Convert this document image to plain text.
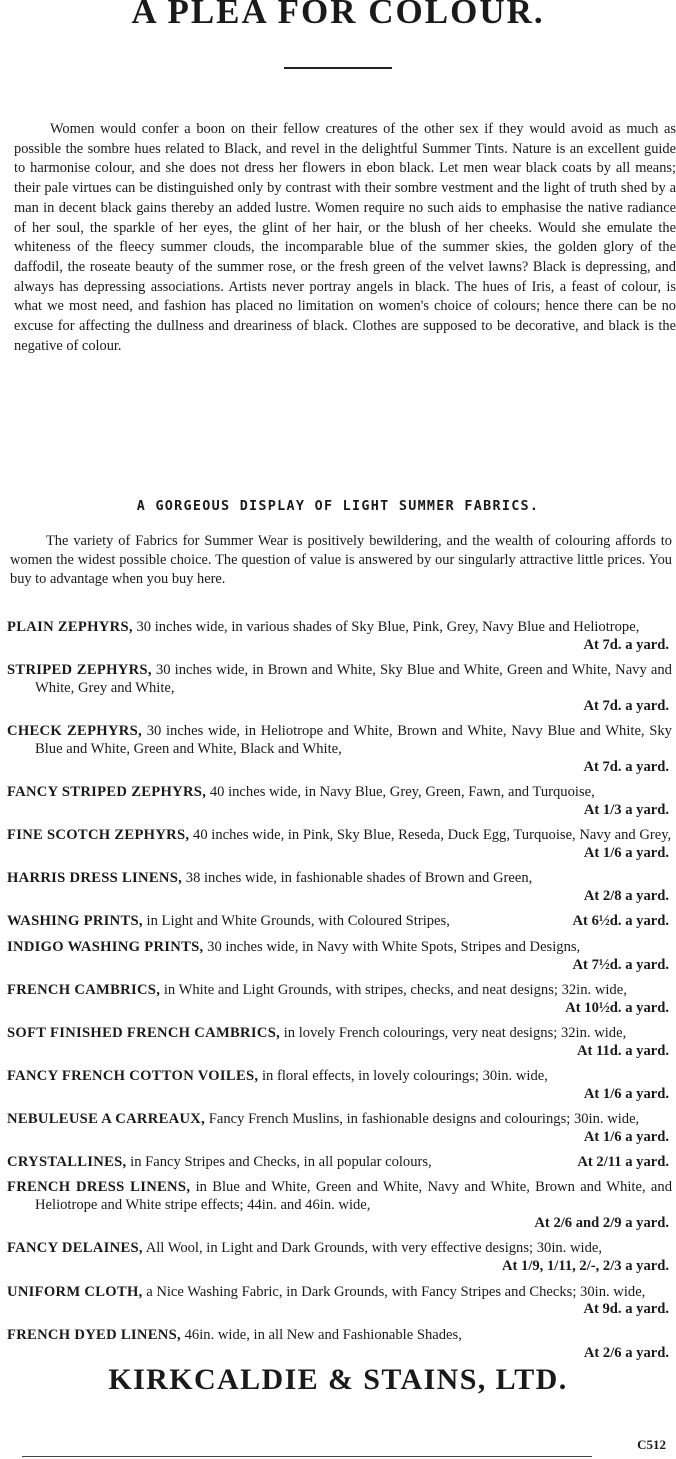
A PLEA FOR COLOUR.

Women would confer a boon on their fellow creatures of the other sex if they would avoid as much as possible the sombre hues related to Black, and revel in the delightful Summer Tints. Nature is an excellent guide to harmonise colour, and she does not dress her flowers in ebon black. Let men wear black coats by all means; their pale virtues can be distinguished only by contrast with their sombre vestment and the light of truth shed by a man in decent black gains thereby an added lustre. Women require no such aids to emphasise the native radiance of her soul, the sparkle of her eyes, the glint of her hair, or the blush of her cheeks. Would she emulate the whiteness of the fleecy summer clouds, the incomparable blue of the summer skies, the golden glory of the daffodil, the roseate beauty of the summer rose, or the fresh green of the velvet lawns? Black is depressing, and always has depressing associations. Artists never portray angels in black. The hues of Iris, a feast of colour, is what we most need, and fashion has placed no limitation on women's choice of colours; hence there can be no excuse for affecting the dullness and dreariness of black. Clothes are supposed to be decorative, and black is the negative of colour.

A GORGEOUS DISPLAY OF LIGHT SUMMER FABRICS.

The variety of Fabrics for Summer Wear is positively bewildering, and the wealth of colouring affords to women the widest possible choice. The question of value is answered by our singularly attractive little prices. You buy to advantage when you buy here.

PLAIN ZEPHYRS, 30 inches wide, in various shades of Sky Blue, Pink, Grey, Navy Blue and Heliotrope,
At 7d. a yard.
STRIPED ZEPHYRS, 30 inches wide, in Brown and White, Sky Blue and White, Green and White, Navy and White, Grey and White,
At 7d. a yard.
CHECK ZEPHYRS, 30 inches wide, in Heliotrope and White, Brown and White, Navy Blue and White, Sky Blue and White, Green and White, Black and White,
At 7d. a yard.
FANCY STRIPED ZEPHYRS, 40 inches wide, in Navy Blue, Grey, Green, Fawn, and Turquoise,
At 1/3 a yard.
FINE SCOTCH ZEPHYRS, 40 inches wide, in Pink, Sky Blue, Reseda, Duck Egg, Turquoise, Navy and Grey,
At 1/6 a yard.
HARRIS DRESS LINENS, 38 inches wide, in fashionable shades of Brown and Green,
At 2/8 a yard.
WASHING PRINTS, in Light and White Grounds, with Coloured Stripes,	At 6½d. a yard.
INDIGO WASHING PRINTS, 30 inches wide, in Navy with White Spots, Stripes and Designs,
At 7½d. a yard.
FRENCH CAMBRICS, in White and Light Grounds, with stripes, checks, and neat designs; 32in. wide,
At 10½d. a yard.
SOFT FINISHED FRENCH CAMBRICS, in lovely French colourings, very neat designs; 32in. wide,
At 11d. a yard.
FANCY FRENCH COTTON VOILES, in floral effects, in lovely colourings; 30in. wide,
At 1/6 a yard.
NEBULEUSE A CARREAUX, Fancy French Muslins, in fashionable designs and colourings; 30in. wide,
At 1/6 a yard.
CRYSTALLINES, in Fancy Stripes and Checks, in all popular colours,	At 2/11 a yard.
FRENCH DRESS LINENS, in Blue and White, Green and White, Navy and White, Brown and White, and Heliotrope and White stripe effects; 44in. and 46in. wide,
At 2/6 and 2/9 a yard.
FANCY DELAINES, All Wool, in Light and Dark Grounds, with very effective designs; 30in. wide,
At 1/9, 1/11, 2/-, 2/3 a yard.
UNIFORM CLOTH, a Nice Washing Fabric, in Dark Grounds, with Fancy Stripes and Checks; 30in. wide,
At 9d. a yard.
FRENCH DYED LINENS, 46in. wide, in all New and Fashionable Shades,
At 2/6 a yard.
KIRKCALDIE & STAINS, LTD.
C512
